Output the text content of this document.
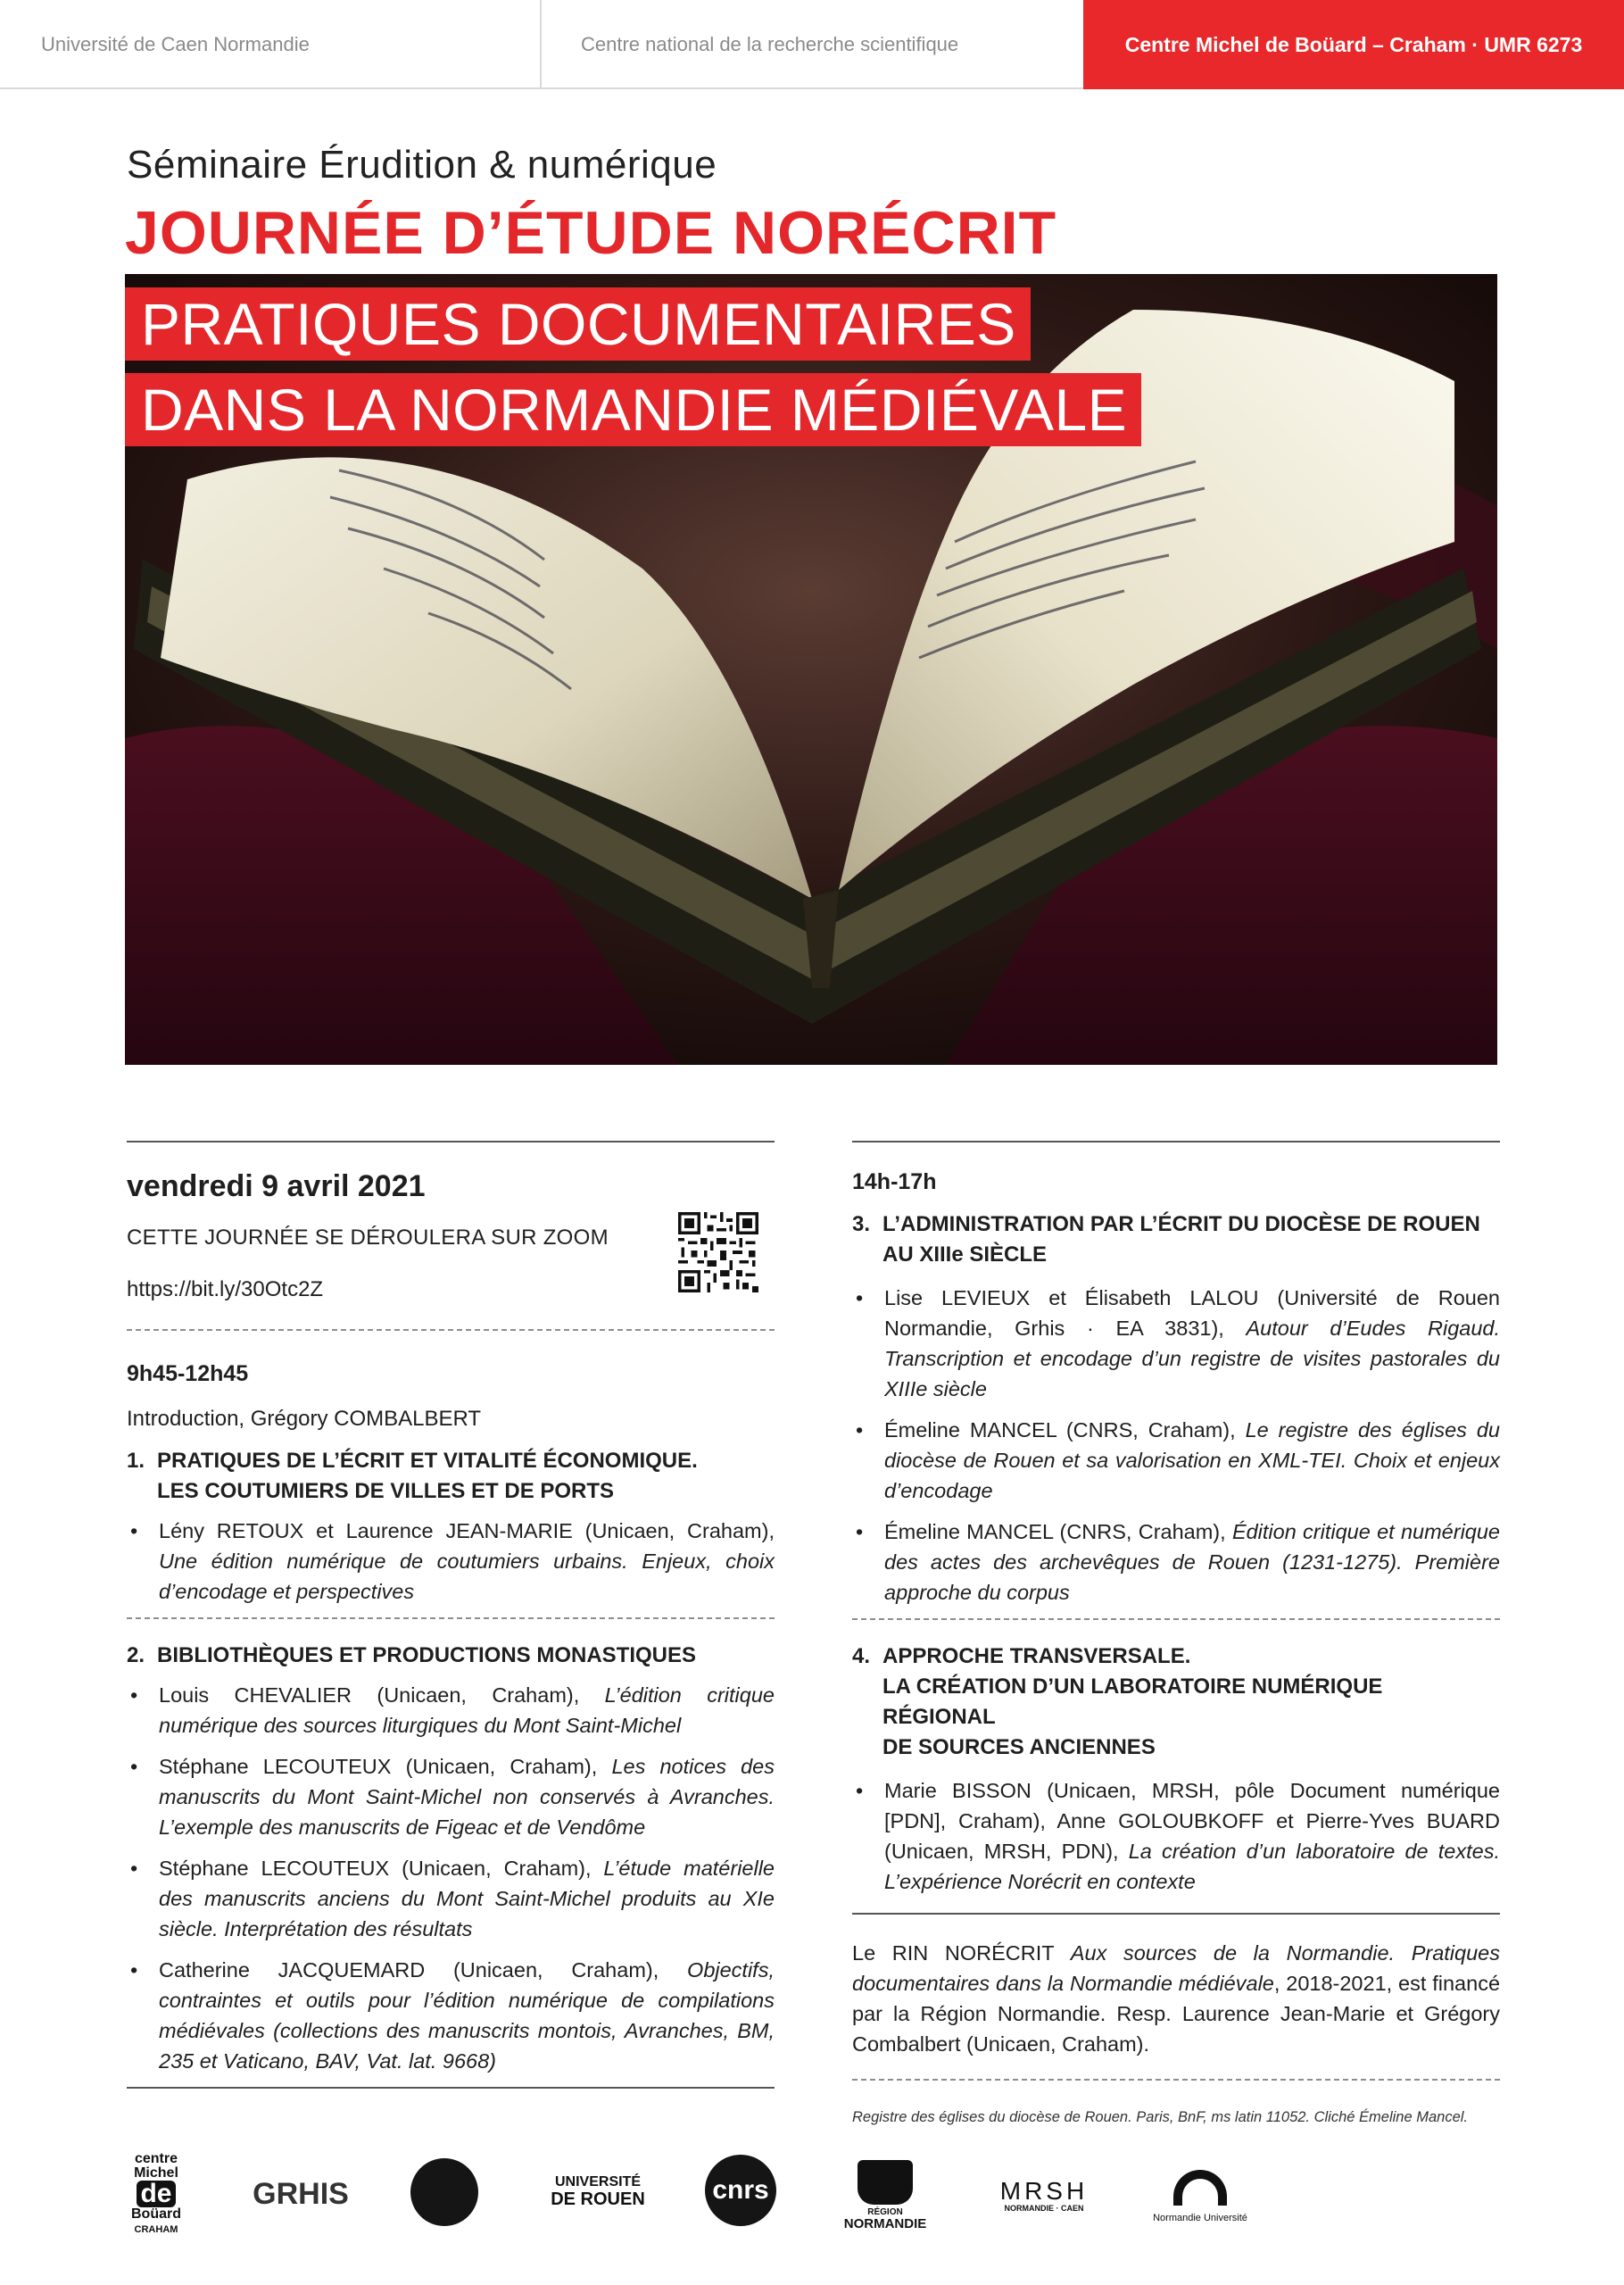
Université de Caen Normandie	Centre national de la recherche scientifique	Centre Michel de Boüard – Craham · UMR 6273
Séminaire Érudition & numérique
JOURNÉE D’ÉTUDE NORÉCRIT
PRATIQUES DOCUMENTAIRES
DANS LA NORMANDIE MÉDIÉVALE
vendredi 9 avril 2021
CETTE JOURNÉE SE DÉROULERA SUR ZOOM
https://bit.ly/30Otc2Z
9h45-12h45
Introduction, Grégory COMBALBERT
1. PRATIQUES DE L’ÉCRIT ET VITALITÉ ÉCONOMIQUE.
LES COUTUMIERS DE VILLES ET DE PORTS
•	Lény RETOUX et Laurence JEAN-MARIE (Unicaen, Craham), Une édition numérique de coutumiers urbains. Enjeux, choix d’encodage et perspectives
2. BIBLIOTHÈQUES ET PRODUCTIONS MONASTIQUES
•	Louis CHEVALIER (Unicaen, Craham), L’édition critique numérique des sources liturgiques du Mont Saint-Michel
•	Stéphane LECOUTEUX (Unicaen, Craham), Les notices des manuscrits du Mont Saint-Michel non conservés à Avranches. L’exemple des manuscrits de Figeac et de Vendôme
•	Stéphane LECOUTEUX (Unicaen, Craham), L’étude matérielle des manuscrits anciens du Mont Saint-Michel produits au XIe siècle. Interprétation des résultats
•	Catherine JACQUEMARD (Unicaen, Craham), Objectifs, contraintes et outils pour l’édition numérique de compilations médiévales (collections des manuscrits montois, Avranches, BM, 235 et Vaticano, BAV, Vat. lat. 9668)
14h-17h
3. L’ADMINISTRATION PAR L’ÉCRIT DU DIOCÈSE DE ROUEN
AU XIIIe SIÈCLE
•	Lise LEVIEUX et Élisabeth LALOU (Université de Rouen Normandie, Grhis · EA 3831), Autour d’Eudes Rigaud. Transcription et encodage d’un registre de visites pastorales du XIIIe siècle
•	Émeline MANCEL (CNRS, Craham), Le registre des églises du diocèse de Rouen et sa valorisation en XML-TEI. Choix et enjeux d’encodage
•	Émeline MANCEL (CNRS, Craham), Édition critique et numérique des actes des archevêques de Rouen (1231-1275). Première approche du corpus
4. APPROCHE TRANSVERSALE.
LA CRÉATION D’UN LABORATOIRE NUMÉRIQUE RÉGIONAL
DE SOURCES ANCIENNES
•	Marie BISSON (Unicaen, MRSH, pôle Document numérique [PDN], Craham), Anne GOLOUBKOFF et Pierre-Yves BUARD (Unicaen, MRSH, PDN), La création d’un laboratoire de textes. L’expérience Norécrit en contexte
Le RIN NORÉCRIT Aux sources de la Normandie. Pratiques documentaires dans la Normandie médiévale, 2018-2021, est financé par la Région Normandie. Resp. Laurence Jean-Marie et Grégory Combalbert (Unicaen, Craham).
Registre des églises du diocèse de Rouen. Paris, BnF, ms latin 11052. Cliché Émeline Mancel.
centre
Michel
de
Boüard
CRAHAM
GRHIS	UNIVERSITÉ
DE ROUEN	cnrs
RÉGION
NORMANDIE
MRSH
NORMANDIE · CAEN
Normandie Université
